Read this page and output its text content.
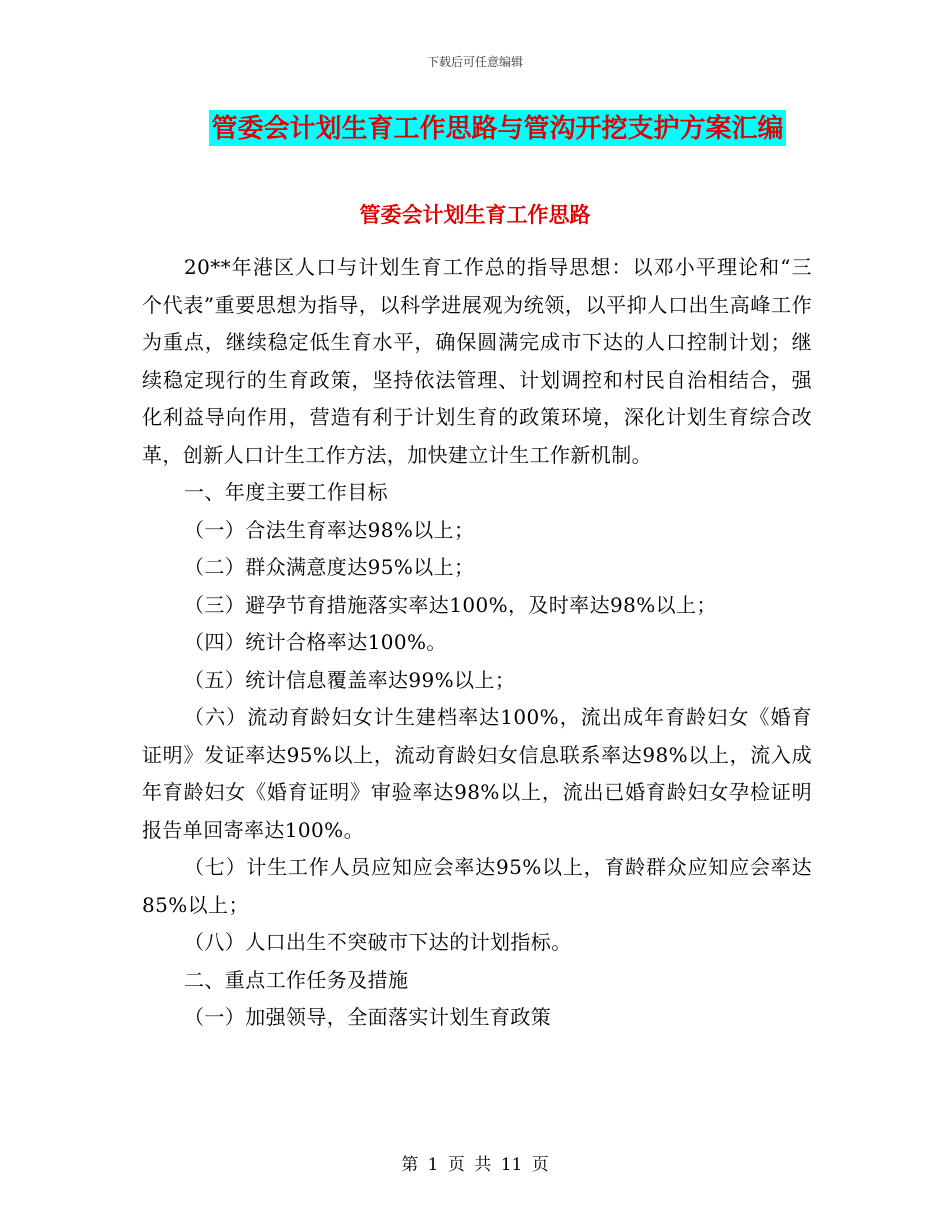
下载后可任意编辑
管委会计划生育工作思路与管沟开挖支护方案汇编
管委会计划生育工作思路

20**年港区人口与计划生育工作总的指导思想：以邓小平理论和“三个代表”重要思想为指导，以科学进展观为统领，以平抑人口出生高峰工作为重点，继续稳定低生育水平，确保圆满完成市下达的人口控制计划；继续稳定现行的生育政策，坚持依法管理、计划调控和村民自治相结合，强化利益导向作用，营造有利于计划生育的政策环境，深化计划生育综合改革，创新人口计生工作方法，加快建立计生工作新机制。

一、年度主要工作目标

（一）合法生育率达98%以上；

（二）群众满意度达95%以上；

（三）避孕节育措施落实率达100%，及时率达98%以上；

（四）统计合格率达100%。

（五）统计信息覆盖率达99%以上；

（六）流动育龄妇女计生建档率达100%，流出成年育龄妇女《婚育证明》发证率达95%以上，流动育龄妇女信息联系率达98%以上，流入成年育龄妇女《婚育证明》审验率达98%以上，流出已婚育龄妇女孕检证明报告单回寄率达100%。

（七）计生工作人员应知应会率达95%以上，育龄群众应知应会率达85%以上；

（八）人口出生不突破市下达的计划指标。

二、重点工作任务及措施

（一）加强领导，全面落实计划生育政策

第 1 页 共 11 页
